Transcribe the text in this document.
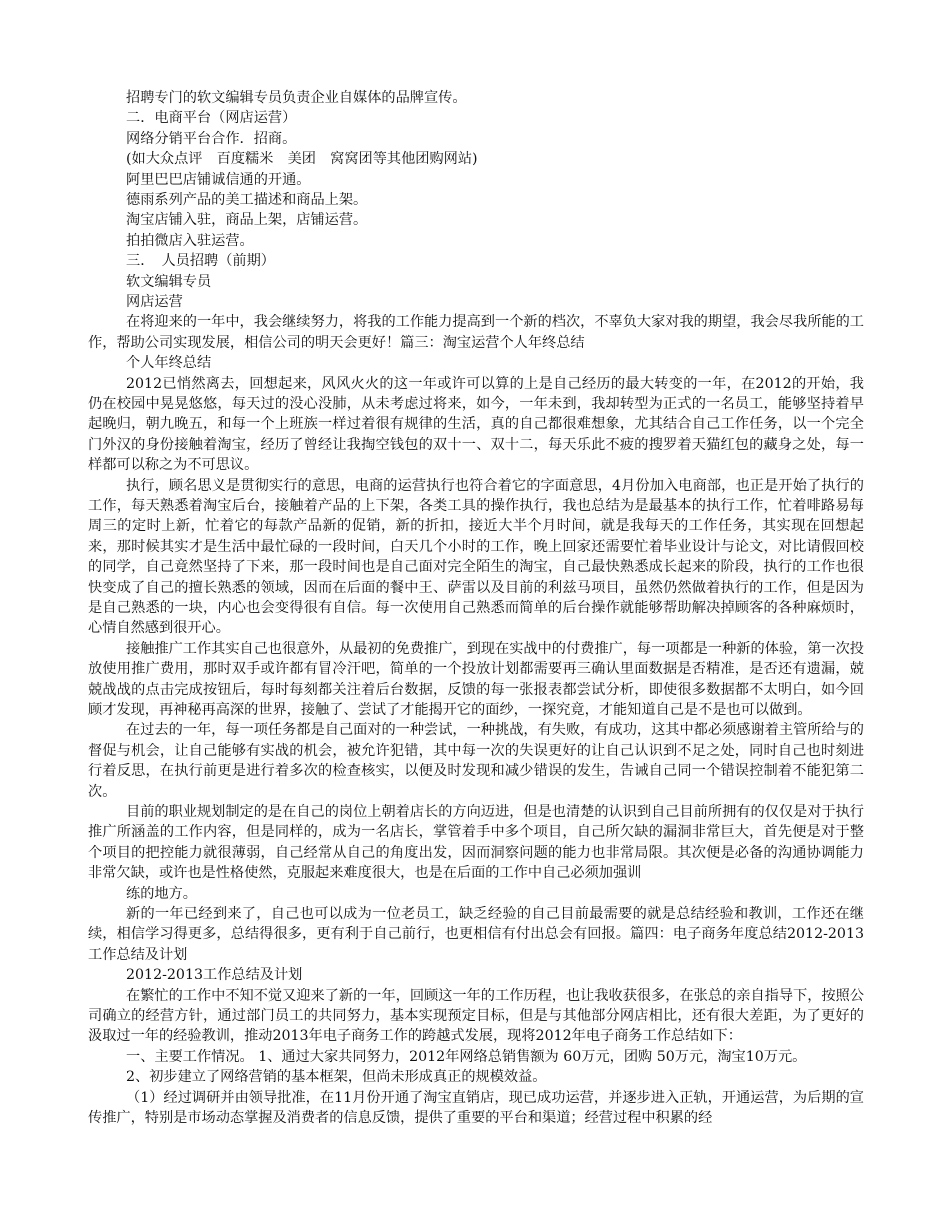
招聘专门的软文编辑专员负责企业自媒体的品牌宣传。
二．电商平台（网店运营）
网络分销平台合作．招商。
(如大众点评　百度糯米　美团　窝窝团等其他团购网站)
阿里巴巴店铺诚信通的开通。
德雨系列产品的美工描述和商品上架。
淘宝店铺入驻，商品上架，店铺运营。
拍拍微店入驻运营。
三．　人员招聘（前期）
软文编辑专员
网店运营

在将迎来的一年中，我会继续努力，将我的工作能力提高到一个新的档次，不辜负大家对我的期望，我会尽我所能的工作，帮助公司实现发展，相信公司的明天会更好！篇三：淘宝运营个人年终总结

个人年终总结

2012已悄然离去，回想起来，风风火火的这一年或许可以算的上是自己经历的最大转变的一年，在2012的开始，我仍在校园中晃晃悠悠，每天过的没心没肺，从未考虑过将来，如今，一年未到，我却转型为正式的一名员工，能够坚持着早起晚归，朝九晚五，和每一个上班族一样过着很有规律的生活，真的自己都很难想象，尤其结合自己工作任务，以一个完全门外汉的身份接触着淘宝，经历了曾经让我掏空钱包的双十一、双十二，每天乐此不疲的搜罗着天猫红包的藏身之处，每一样都可以称之为不可思议。

执行，顾名思义是贯彻实行的意思，电商的运营执行也符合着它的字面意思，4月份加入电商部，也正是开始了执行的工作，每天熟悉着淘宝后台，接触着产品的上下架，各类工具的操作执行，我也总结为是最基本的执行工作，忙着啡路易每周三的定时上新，忙着它的每款产品新的促销，新的折扣，接近大半个月时间，就是我每天的工作任务，其实现在回想起来，那时候其实才是生活中最忙碌的一段时间，白天几个小时的工作，晚上回家还需要忙着毕业设计与论文，对比请假回校的同学，自己竟然坚持了下来，那一段时间也是自己面对完全陌生的淘宝，自己最快熟悉成长起来的阶段，执行的工作也很快变成了自己的擅长熟悉的领域，因而在后面的餐中王、萨雷以及目前的利兹马项目，虽然仍然做着执行的工作，但是因为是自己熟悉的一块，内心也会变得很有自信。每一次使用自己熟悉而简单的后台操作就能够帮助解决掉顾客的各种麻烦时，心情自然感到很开心。

接触推广工作其实自己也很意外，从最初的免费推广，到现在实战中的付费推广，每一项都是一种新的体验，第一次投放使用推广费用，那时双手或许都有冒冷汗吧，简单的一个投放计划都需要再三确认里面数据是否精准，是否还有遗漏，兢兢战战的点击完成按钮后，每时每刻都关注着后台数据，反馈的每一张报表都尝试分析，即使很多数据都不太明白，如今回顾才发现，再神秘再高深的世界，接触了、尝试了才能揭开它的面纱，一探究竟，才能知道自己是不是也可以做到。

在过去的一年，每一项任务都是自己面对的一种尝试，一种挑战，有失败，有成功，这其中都必须感谢着主管所给与的督促与机会，让自己能够有实战的机会，被允许犯错，其中每一次的失误更好的让自己认识到不足之处，同时自己也时刻进行着反思，在执行前更是进行着多次的检查核实，以便及时发现和减少错误的发生，告诫自己同一个错误控制着不能犯第二次。

目前的职业规划制定的是在自己的岗位上朝着店长的方向迈进，但是也清楚的认识到自己目前所拥有的仅仅是对于执行推广所涵盖的工作内容，但是同样的，成为一名店长，掌管着手中多个项目，自己所欠缺的漏洞非常巨大，首先便是对于整个项目的把控能力就很薄弱，自己经常从自己的角度出发，因而洞察问题的能力也非常局限。其次便是必备的沟通协调能力非常欠缺，或许也是性格使然，克服起来难度很大，也是在后面的工作中自己必须加强训

练的地方。

新的一年已经到来了，自己也可以成为一位老员工，缺乏经验的自己目前最需要的就是总结经验和教训，工作还在继续，相信学习得更多，总结得很多，更有利于自己前行，也更相信有付出总会有回报。篇四：电子商务年度总结2012-2013工作总结及计划

2012-2013工作总结及计划

在繁忙的工作中不知不觉又迎来了新的一年，回顾这一年的工作历程，也让我收获很多，在张总的亲自指导下，按照公司确立的经营方针，通过部门员工的共同努力，基本实现预定目标，但是与其他部分网店相比，还有很大差距，为了更好的汲取过一年的经验教训，推动2013年电子商务工作的跨越式发展，现将2012年电子商务工作总结如下：

一、主要工作情况。 1、通过大家共同努力，2012年网络总销售额为 60万元，团购 50万元，淘宝10万元。

2、初步建立了网络营销的基本框架，但尚未形成真正的规模效益。

（1）经过调研并由领导批准，在11月份开通了淘宝直销店，现已成功运营，并逐步进入正轨，开通运营，为后期的宣传推广，特别是市场动态掌握及消费者的信息反馈，提供了重要的平台和渠道；经营过程中积累的经
